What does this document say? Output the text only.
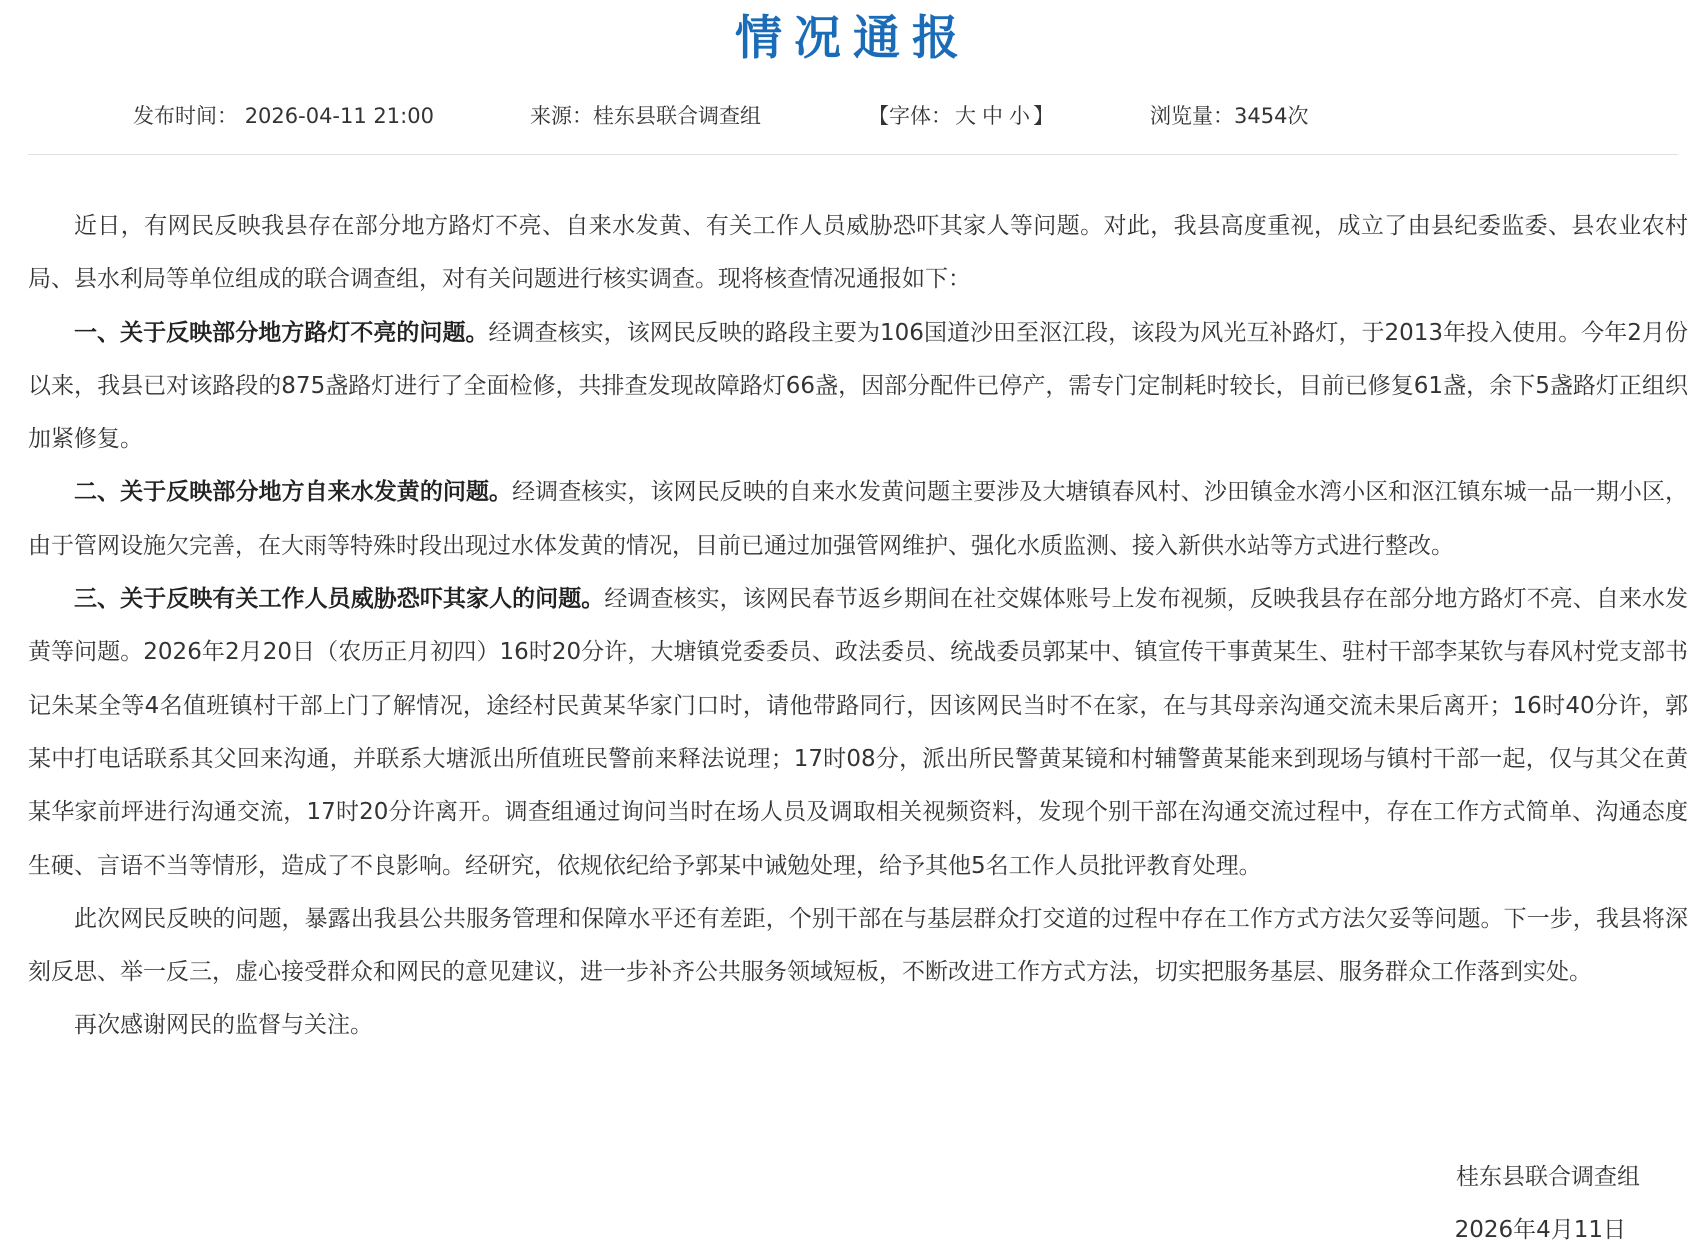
情况通报
发布时间： 2026-04-11 21:00	来源：桂东县联合调查组	【字体： 大 中 小 】	浏览量：3454次

近日，有网民反映我县存在部分地方路灯不亮、自来水发黄、有关工作人员威胁恐吓其家人等问题。对此，我县高度重视，成立了由县纪委监委、县农业农村局、县水利局等单位组成的联合调查组，对有关问题进行核实调查。现将核查情况通报如下：

一、关于反映部分地方路灯不亮的问题。经调查核实，该网民反映的路段主要为106国道沙田至沤江段，该段为风光互补路灯，于2013年投入使用。今年2月份以来，我县已对该路段的875盏路灯进行了全面检修，共排查发现故障路灯66盏，因部分配件已停产，需专门定制耗时较长，目前已修复61盏，余下5盏路灯正组织加紧修复。

二、关于反映部分地方自来水发黄的问题。经调查核实，该网民反映的自来水发黄问题主要涉及大塘镇春风村、沙田镇金水湾小区和沤江镇东城一品一期小区，由于管网设施欠完善，在大雨等特殊时段出现过水体发黄的情况，目前已通过加强管网维护、强化水质监测、接入新供水站等方式进行整改。

三、关于反映有关工作人员威胁恐吓其家人的问题。经调查核实，该网民春节返乡期间在社交媒体账号上发布视频，反映我县存在部分地方路灯不亮、自来水发黄等问题。2026年2月20日（农历正月初四）16时20分许，大塘镇党委委员、政法委员、统战委员郭某中、镇宣传干事黄某生、驻村干部李某钦与春风村党支部书记朱某全等4名值班镇村干部上门了解情况，途经村民黄某华家门口时，请他带路同行，因该网民当时不在家，在与其母亲沟通交流未果后离开；16时40分许，郭某中打电话联系其父回来沟通，并联系大塘派出所值班民警前来释法说理；17时08分，派出所民警黄某镜和村辅警黄某能来到现场与镇村干部一起，仅与其父在黄某华家前坪进行沟通交流，17时20分许离开。调查组通过询问当时在场人员及调取相关视频资料，发现个别干部在沟通交流过程中，存在工作方式简单、沟通态度生硬、言语不当等情形，造成了不良影响。经研究，依规依纪给予郭某中诫勉处理，给予其他5名工作人员批评教育处理。

此次网民反映的问题，暴露出我县公共服务管理和保障水平还有差距，个别干部在与基层群众打交道的过程中存在工作方式方法欠妥等问题。下一步，我县将深刻反思、举一反三，虚心接受群众和网民的意见建议，进一步补齐公共服务领域短板，不断改进工作方式方法，切实把服务基层、服务群众工作落到实处。

再次感谢网民的监督与关注。

桂东县联合调查组
2026年4月11日
